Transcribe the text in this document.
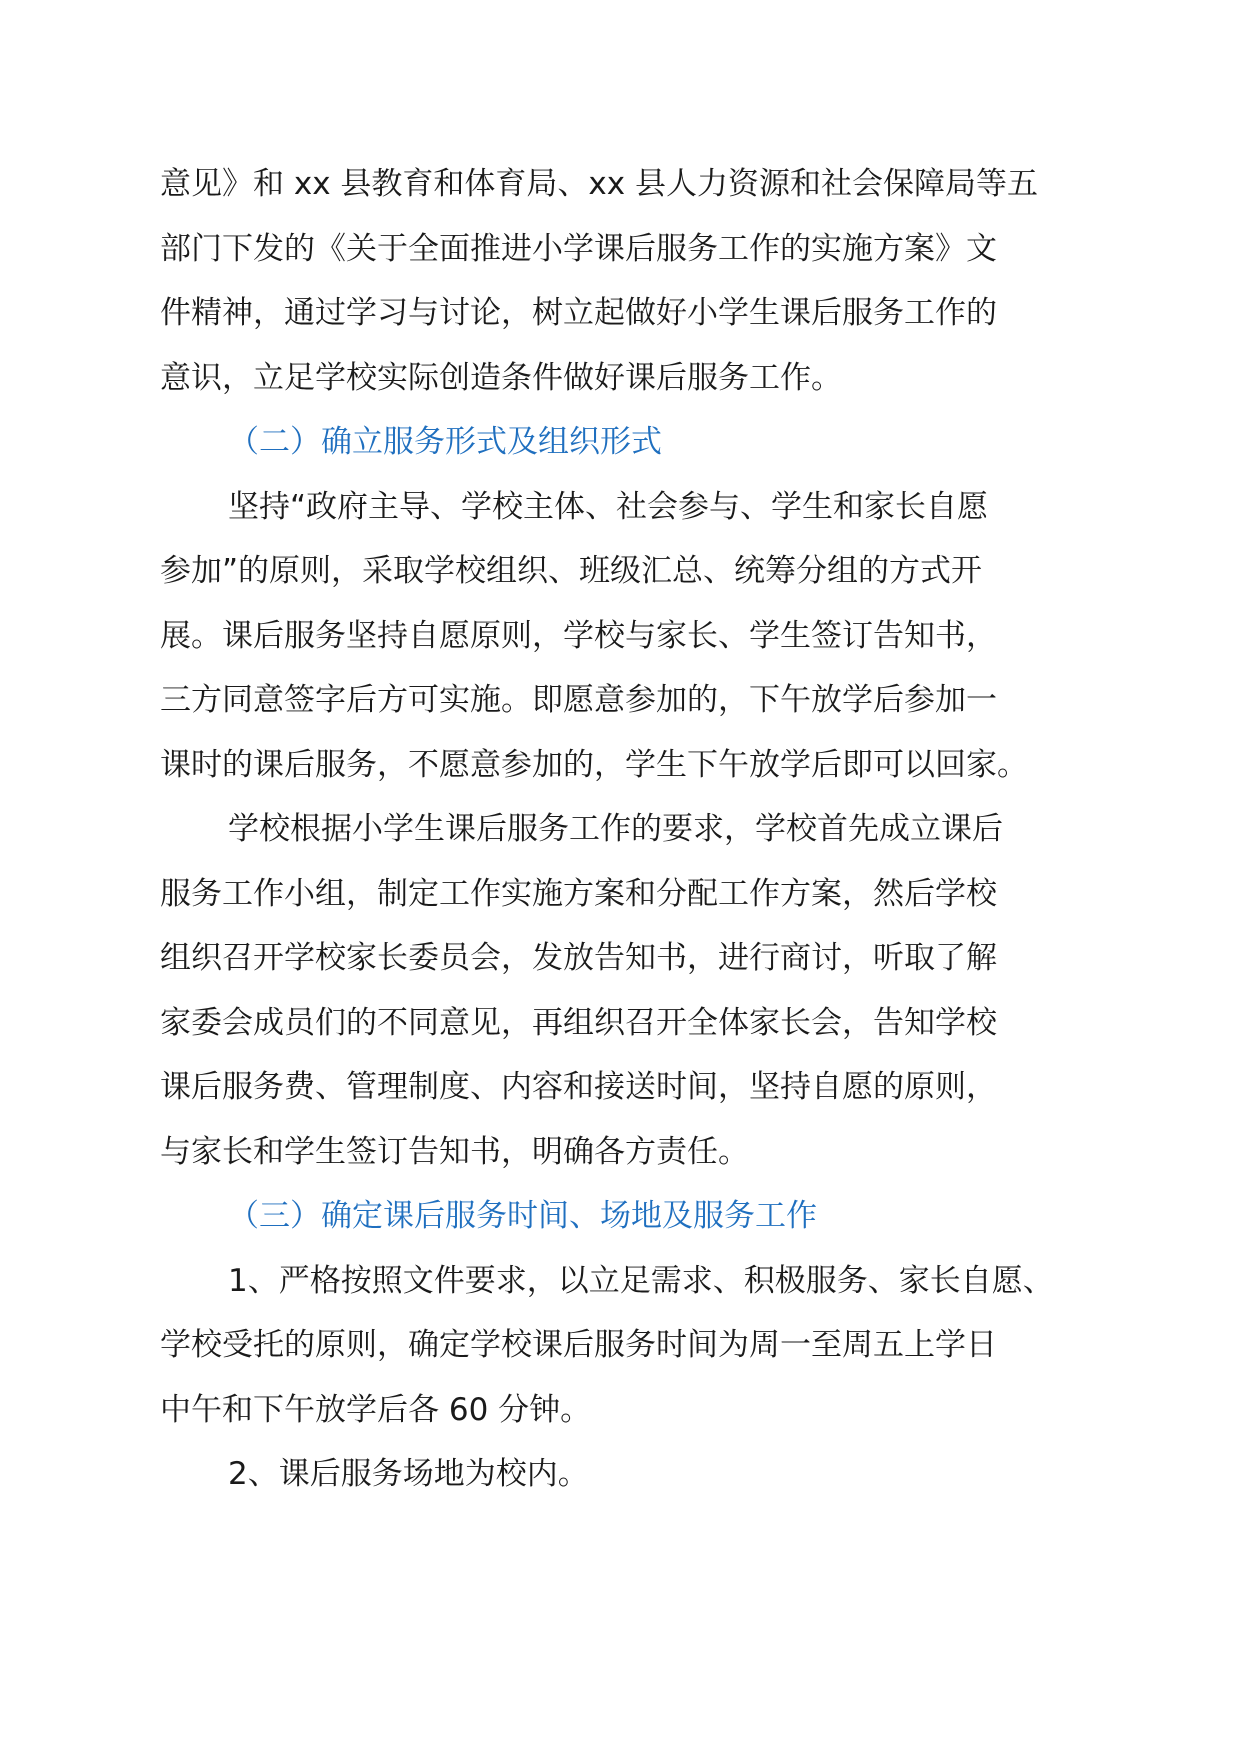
意见》和 xx 县教育和体育局、xx 县人力资源和社会保障局等五
部门下发的《关于全面推进小学课后服务工作的实施方案》文
件精神，通过学习与讨论，树立起做好小学生课后服务工作的
意识，立足学校实际创造条件做好课后服务工作。
（二）确立服务形式及组织形式
坚持“政府主导、学校主体、社会参与、学生和家长自愿
参加”的原则，采取学校组织、班级汇总、统筹分组的方式开
展。课后服务坚持自愿原则，学校与家长、学生签订告知书，
三方同意签字后方可实施。即愿意参加的，下午放学后参加一
课时的课后服务，不愿意参加的，学生下午放学后即可以回家。
学校根据小学生课后服务工作的要求，学校首先成立课后
服务工作小组，制定工作实施方案和分配工作方案，然后学校
组织召开学校家长委员会，发放告知书，进行商讨，听取了解
家委会成员们的不同意见，再组织召开全体家长会，告知学校
课后服务费、管理制度、内容和接送时间，坚持自愿的原则，
与家长和学生签订告知书，明确各方责任。
（三）确定课后服务时间、场地及服务工作
1、严格按照文件要求，以立足需求、积极服务、家长自愿、
学校受托的原则，确定学校课后服务时间为周一至周五上学日
中午和下午放学后各 60 分钟。
2、课后服务场地为校内。
